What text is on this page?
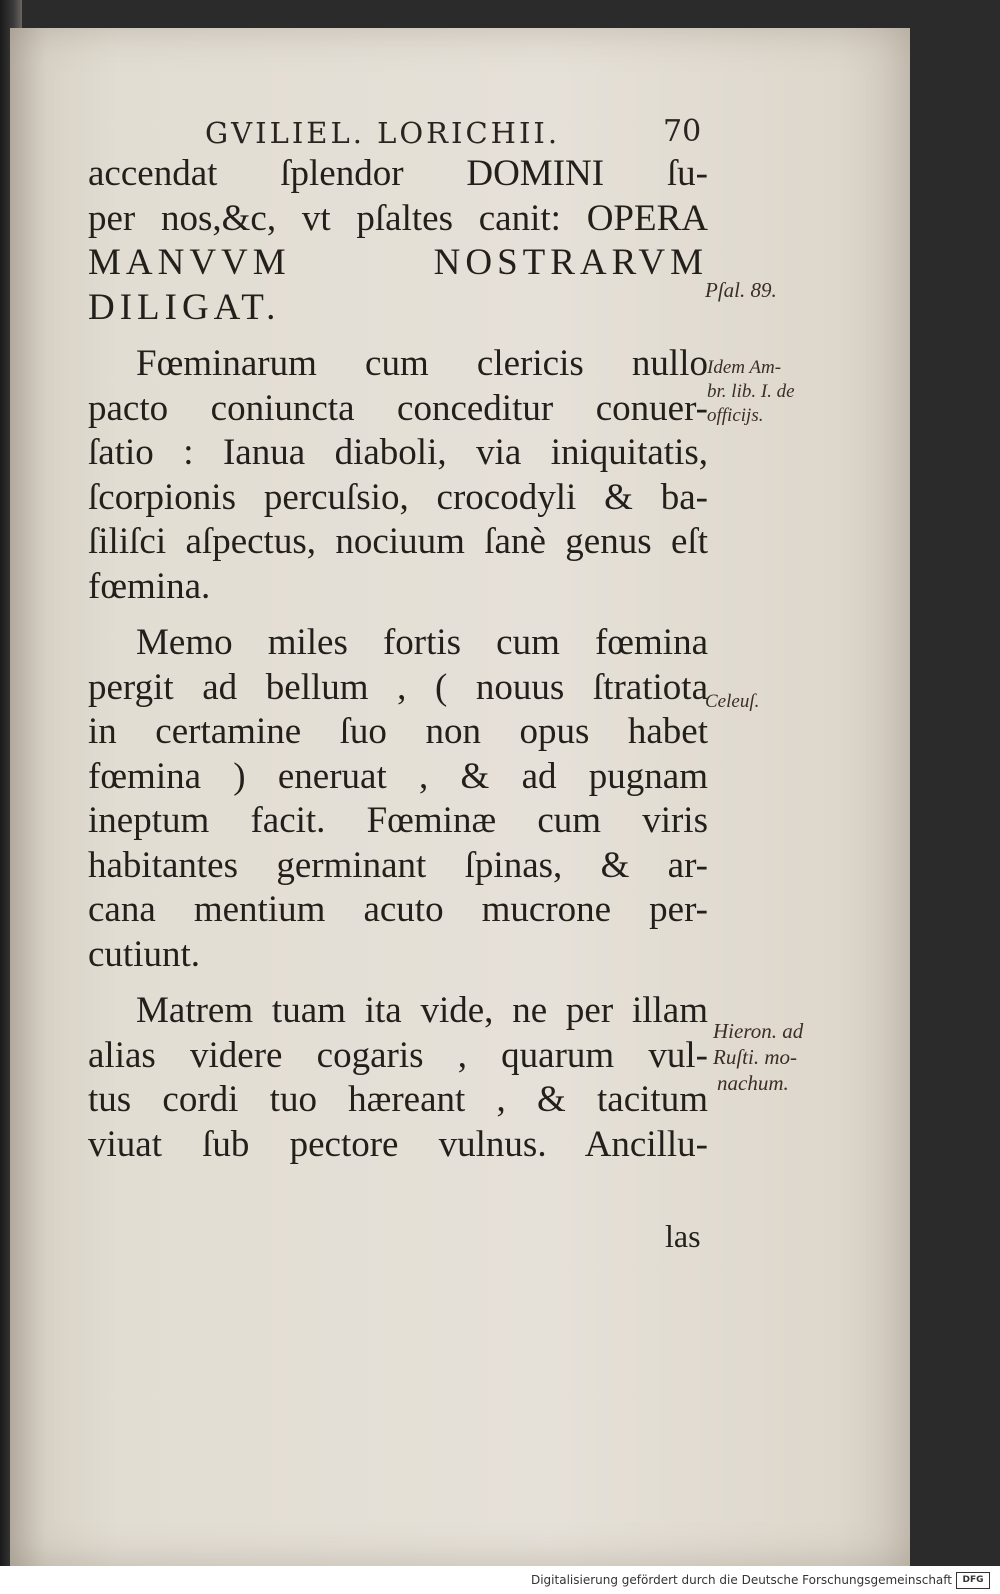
GVILIEL. LORICHII.	70
accendat ſplendor DOMINI ſu-
per nos,&c, vt pſaltes canit: OPERA
MANVVM NOSTRARVM
DILIGAT.
Fœminarum cum clericis nullo
pacto coniuncta conceditur conuer-
ſatio : Ianua diaboli, via iniquitatis,
ſcorpionis percuſsio, crocodyli & ba-
ſiliſci aſpectus, nociuum ſanè genus eſt
fœmina.
Memo miles fortis cum fœmina
pergit ad bellum , ( nouus ſtratiota
in certamine ſuo non opus habet
fœmina ) eneruat , & ad pugnam
ineptum facit. Fœminæ cum viris
habitantes germinant ſpinas, & ar-
cana mentium acuto mucrone per-
cutiunt.
Matrem tuam ita vide, ne per illam
alias videre cogaris , quarum vul-
tus cordi tuo hæreant , & tacitum
viuat ſub pectore vulnus. Ancillu-
las
Pſal. 89.
Idem Am-
br. lib. I. de
officijs.
Celeuſ.
Hieron. ad
Ruſti. mo-
nachum.
Digitalisierung gefördert durch die Deutsche Forschungsgemeinschaft	DFG
